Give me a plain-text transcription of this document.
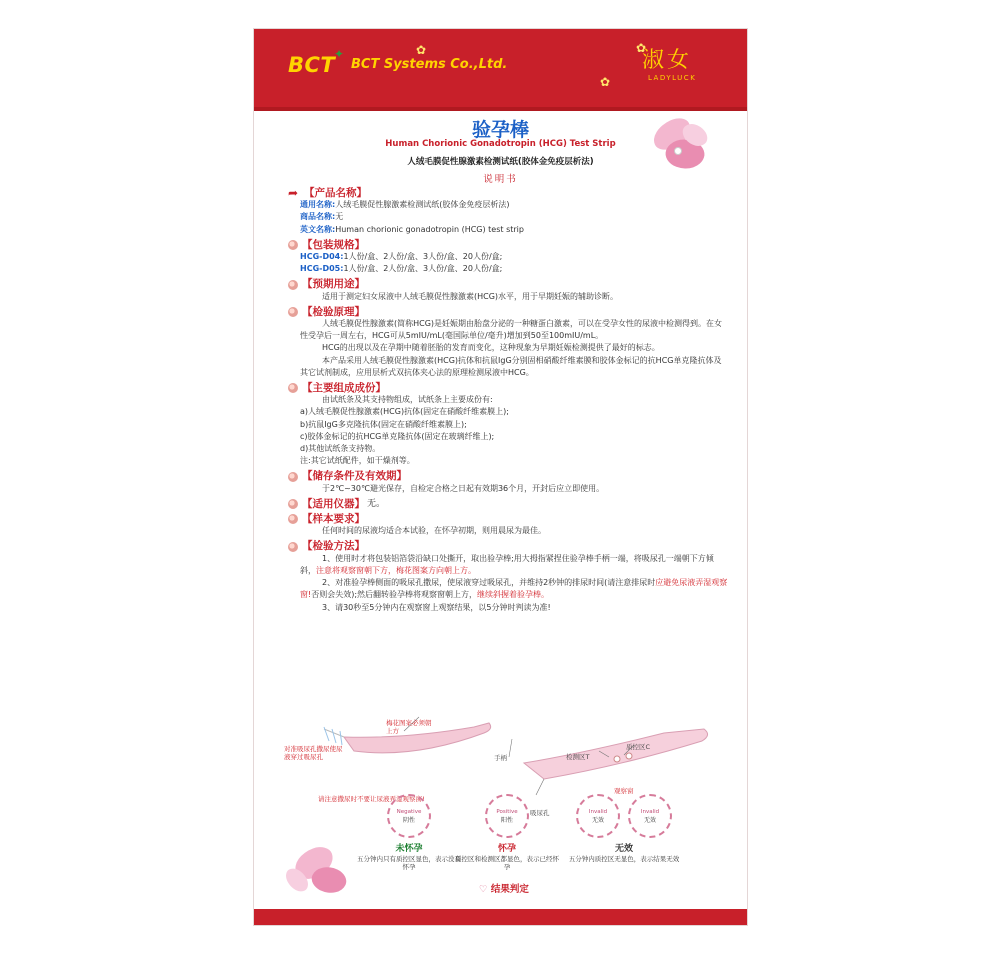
BCT
✦
BCT Systems Co.,Ltd.
✿
✿
淑女
LADYLUCK
✿
验孕棒
Human Chorionic Gonadotropin (HCG) Test Strip
人绒毛膜促性腺激素检测试纸(胶体金免疫层析法)
说明书
➦ 【产品名称】
通用名称:人绒毛膜促性腺激素检测试纸(胶体金免疫层析法)
商品名称:无
英文名称:Human chorionic gonadotropin (HCG) test strip
【包装规格】
HCG-D04:1人份/盒、2人份/盒、3人份/盒、20人份/盒;
HCG-D05:1人份/盒、2人份/盒、3人份/盒、20人份/盒;
【预期用途】
适用于测定妇女尿液中人绒毛膜促性腺激素(HCG)水平，用于早期妊娠的辅助诊断。
【检验原理】
人绒毛膜促性腺激素(简称HCG)是妊娠期由胎盘分泌的一种糖蛋白激素，可以在受孕女性的尿液中检测得到。在女性受孕后一周左右，HCG可从5mIU/mL(毫国际单位/毫升)增加到50至100mIU/mL。
HCG的出现以及在孕期中随着胚胎的发育而变化，这种现象为早期妊娠检测提供了最好的标志。
本产品采用人绒毛膜促性腺激素(HCG)抗体和抗鼠IgG分别固相硝酸纤维素膜和胶体金标记的抗HCG单克隆抗体及其它试剂制成，应用层析式双抗体夹心法的原理检测尿液中HCG。
【主要组成成份】
由试纸条及其支持物组成，试纸条上主要成份有:
a)人绒毛膜促性腺激素(HCG)抗体(固定在硝酸纤维素膜上);
b)抗鼠IgG多克隆抗体(固定在硝酸纤维素膜上);
c)胶体金标记的抗HCG单克隆抗体(固定在玻璃纤维上);
d)其他试纸条支持物。
注:其它试纸配件，如干燥剂等。
【储存条件及有效期】
于2℃~30℃避光保存，自检定合格之日起有效期36个月，开封后应立即使用。
【适用仪器】 无。
【样本要求】
任何时间的尿液均适合本试验，在怀孕初期，则用晨尿为最佳。
【检验方法】
1、使用时才将包装铝箔袋沿缺口处撕开，取出验孕棒;用大拇指紧捏住验孕棒手柄一端，将吸尿孔一端朝下方倾斜，注意将观察窗朝下方，梅花图案方向朝上方。
2、对准验孕棒侧面的吸尿孔撒尿，使尿液穿过吸尿孔，并维持2秒钟的排尿时间(请注意排尿时应避免尿液弄湿观察窗!否则会失效);然后翻转验孕棒将观察窗朝上方，继续斜握着验孕棒。
3、请30秒至5分钟内在观察窗上观察结果，以5分钟时判读为准!
梅花图案必须朝上方
对准吸尿孔撒尿使尿液穿过吸尿孔	手柄	检测区T
质控区C
观察窗
吸尿孔
请注意撒尿时不要让尿液弄湿观察窗!
Negative
阴性
未怀孕
五分钟内只有质控区显色，表示没有怀孕
Positive
阳性
怀孕
质控区和检测区都显色，表示已经怀孕
Invalid
无效
Invalid
无效
无效
五分钟内质控区无显色，表示结果无效
♡ 结果判定
